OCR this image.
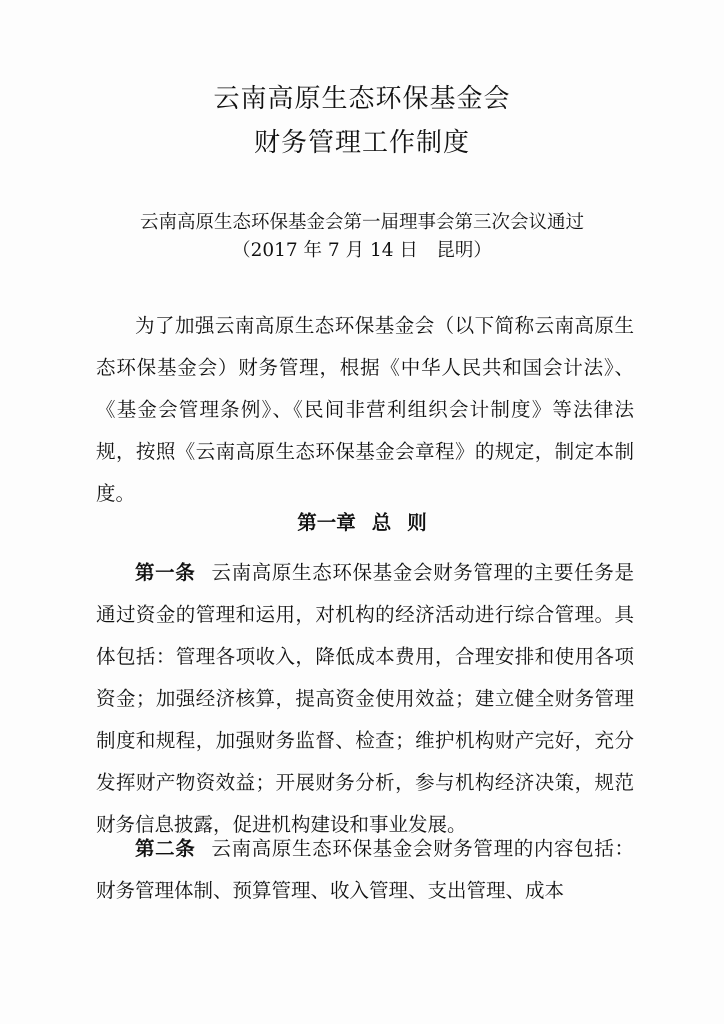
云南高原生态环保基金会
财务管理工作制度
云南高原生态环保基金会第一届理事会第三次会议通过
（2017 年 7 月 14 日　昆明）

为了加强云南高原生态环保基金会（以下简称云南高原生态环保基金会）财务管理，根据《中华人民共和国会计法》、《基金会管理条例》、《民间非营利组织会计制度》等法律法规，按照《云南高原生态环保基金会章程》的规定，制定本制度。

第一章 总 则

第一条 云南高原生态环保基金会财务管理的主要任务是通过资金的管理和运用，对机构的经济活动进行综合管理。具体包括：管理各项收入，降低成本费用，合理安排和使用各项资金；加强经济核算，提高资金使用效益；建立健全财务管理制度和规程，加强财务监督、检查；维护机构财产完好，充分发挥财产物资效益；开展财务分析，参与机构经济决策，规范财务信息披露，促进机构建设和事业发展。

第二条 云南高原生态环保基金会财务管理的内容包括：财务管理体制、预算管理、收入管理、支出管理、成本
